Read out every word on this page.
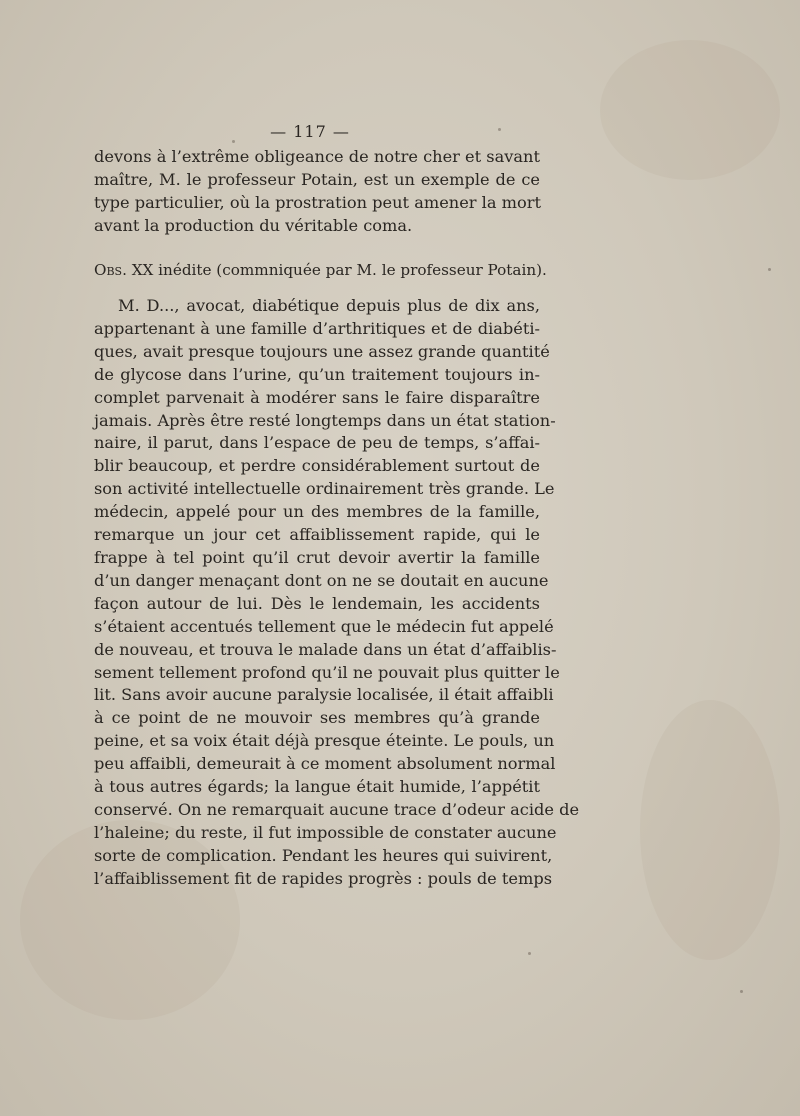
— 117 —
devons à l’extrême obligeance de notre cher et savant
maître, M. le professeur Potain, est un exemple de ce
type particulier, où la prostration peut amener la mort
avant la production du véritable coma.
Obs. XX inédite (commniquée par M. le professeur Potain).
M. D..., avocat, diabétique depuis plus de dix ans,
appartenant à une famille d’arthritiques et de diabéti-
ques, avait presque toujours une assez grande quantité
de glycose dans l’urine, qu’un traitement toujours in-
complet parvenait à modérer sans le faire disparaître
jamais. Après être resté longtemps dans un état station-
naire, il parut, dans l’espace de peu de temps, s’affai-
blir beaucoup, et perdre considérablement surtout de
son activité intellectuelle ordinairement très grande. Le
médecin, appelé pour un des membres de la famille,
remarque un jour cet affaiblissement rapide, qui le
frappe à tel point qu’il crut devoir avertir la famille
d’un danger menaçant dont on ne se doutait en aucune
façon autour de lui. Dès le lendemain, les accidents
s’étaient accentués tellement que le médecin fut appelé
de nouveau, et trouva le malade dans un état d’affaiblis-
sement tellement profond qu’il ne pouvait plus quitter le
lit. Sans avoir aucune paralysie localisée, il était affaibli
à ce point de ne mouvoir ses membres qu’à grande
peine, et sa voix était déjà presque éteinte. Le pouls, un
peu affaibli, demeurait à ce moment absolument normal
à tous autres égards; la langue était humide, l’appétit
conservé. On ne remarquait aucune trace d’odeur acide de
l’haleine; du reste, il fut impossible de constater aucune
sorte de complication. Pendant les heures qui suivirent,
l’affaiblissement fit de rapides progrès : pouls de temps
